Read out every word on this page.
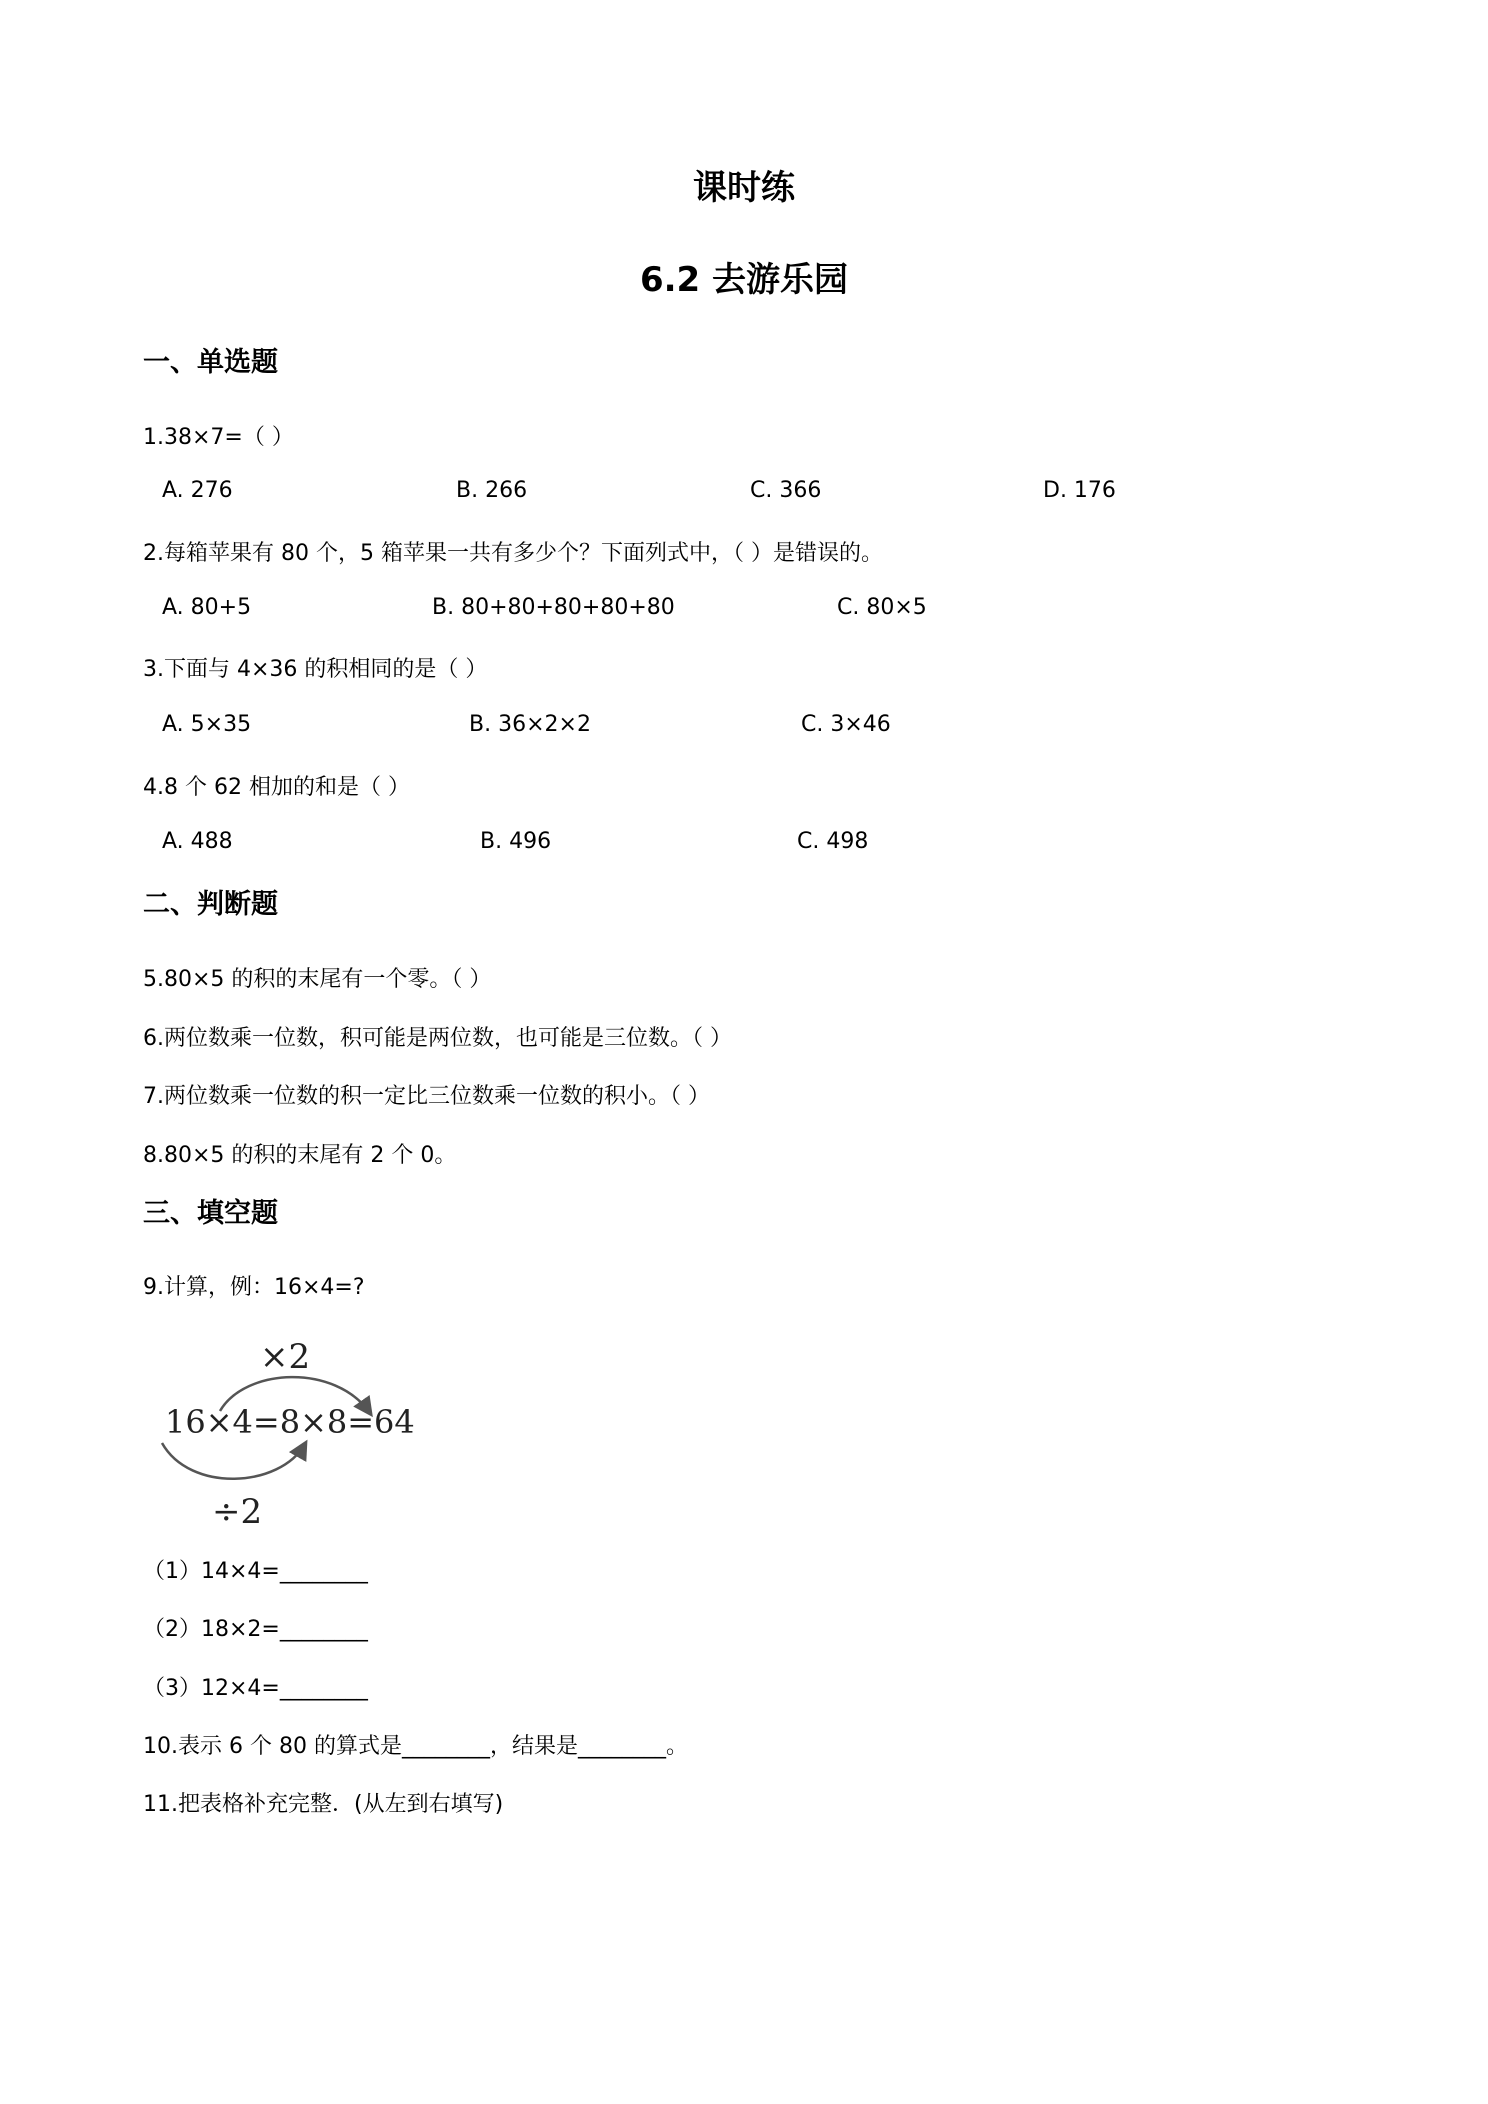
课时练
6.2 去游乐园
一、单选题
1.38×7=（ ）
A. 276	B. 266	C. 366	D. 176
2.每箱苹果有 80 个，5 箱苹果一共有多少个？下面列式中，（ ）是错误的。
A. 80+5	B. 80+80+80+80+80	C. 80×5
3.下面与 4×36 的积相同的是（ ）
A. 5×35	B. 36×2×2	C. 3×46
4.8 个 62 相加的和是（ ）
A. 488	B. 496	C. 498
二、判断题
5.80×5 的积的末尾有一个零。（ ）
6.两位数乘一位数，积可能是两位数，也可能是三位数。（ ）
7.两位数乘一位数的积一定比三位数乘一位数的积小。（ ）
8.80×5 的积的末尾有 2 个 0。
三、填空题
9.计算，例：16×4=?
×2
16×4=8×8=64
÷2
（1）14×4=________
（2）18×2=________
（3）12×4=________
10.表示 6 个 80 的算式是________，结果是________。
11.把表格补充完整．(从左到右填写)
